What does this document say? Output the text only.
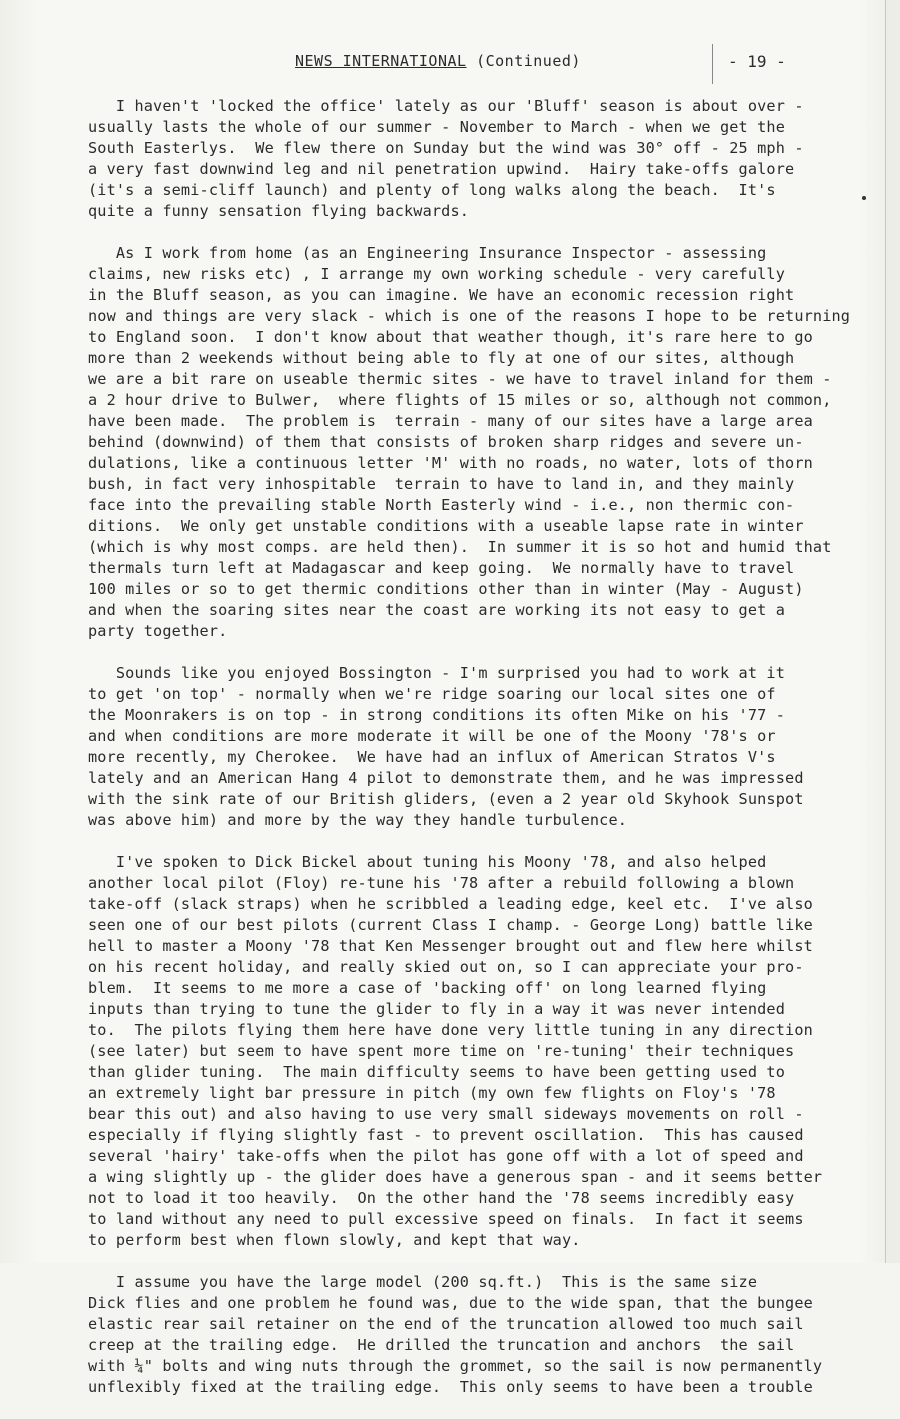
NEWS INTERNATIONAL (Continued)	- 19 -
I haven't 'locked the office' lately as our 'Bluff' season is about over -
usually lasts the whole of our summer - November to March - when we get the
South Easterlys.  We flew there on Sunday but the wind was 30° off - 25 mph -
a very fast downwind leg and nil penetration upwind.  Hairy take-offs galore
(it's a semi-cliff launch) and plenty of long walks along the beach.  It's
quite a funny sensation flying backwards.
As I work from home (as an Engineering Insurance Inspector - assessing
claims, new risks etc) , I arrange my own working schedule - very carefully
in the Bluff season, as you can imagine. We have an economic recession right
now and things are very slack - which is one of the reasons I hope to be returning
to England soon.  I don't know about that weather though, it's rare here to go
more than 2 weekends without being able to fly at one of our sites, although
we are a bit rare on useable thermic sites - we have to travel inland for them -
a 2 hour drive to Bulwer,  where flights of 15 miles or so, although not common,
have been made.  The problem is  terrain - many of our sites have a large area
behind (downwind) of them that consists of broken sharp ridges and severe un-
dulations, like a continuous letter 'M' with no roads, no water, lots of thorn
bush, in fact very inhospitable  terrain to have to land in, and they mainly
face into the prevailing stable North Easterly wind - i.e., non thermic con-
ditions.  We only get unstable conditions with a useable lapse rate in winter
(which is why most comps. are held then).  In summer it is so hot and humid that
thermals turn left at Madagascar and keep going.  We normally have to travel
100 miles or so to get thermic conditions other than in winter (May - August)
and when the soaring sites near the coast are working its not easy to get a
party together.
Sounds like you enjoyed Bossington - I'm surprised you had to work at it
to get 'on top' - normally when we're ridge soaring our local sites one of
the Moonrakers is on top - in strong conditions its often Mike on his '77 -
and when conditions are more moderate it will be one of the Moony '78's or
more recently, my Cherokee.  We have had an influx of American Stratos V's
lately and an American Hang 4 pilot to demonstrate them, and he was impressed
with the sink rate of our British gliders, (even a 2 year old Skyhook Sunspot
was above him) and more by the way they handle turbulence.
I've spoken to Dick Bickel about tuning his Moony '78, and also helped
another local pilot (Floy) re-tune his '78 after a rebuild following a blown
take-off (slack straps) when he scribbled a leading edge, keel etc.  I've also
seen one of our best pilots (current Class I champ. - George Long) battle like
hell to master a Moony '78 that Ken Messenger brought out and flew here whilst
on his recent holiday, and really skied out on, so I can appreciate your pro-
blem.  It seems to me more a case of 'backing off' on long learned flying
inputs than trying to tune the glider to fly in a way it was never intended
to.  The pilots flying them here have done very little tuning in any direction
(see later) but seem to have spent more time on 're-tuning' their techniques
than glider tuning.  The main difficulty seems to have been getting used to
an extremely light bar pressure in pitch (my own few flights on Floy's '78
bear this out) and also having to use very small sideways movements on roll -
especially if flying slightly fast - to prevent oscillation.  This has caused
several 'hairy' take-offs when the pilot has gone off with a lot of speed and
a wing slightly up - the glider does have a generous span - and it seems better
not to load it too heavily.  On the other hand the '78 seems incredibly easy
to land without any need to pull excessive speed on finals.  In fact it seems
to perform best when flown slowly, and kept that way.
I assume you have the large model (200 sq.ft.)  This is the same size
Dick flies and one problem he found was, due to the wide span, that the bungee
elastic rear sail retainer on the end of the truncation allowed too much sail
creep at the trailing edge.  He drilled the truncation and anchors  the sail
with ¼" bolts and wing nuts through the grommet, so the sail is now permanently
unflexibly fixed at the trailing edge.  This only seems to have been a trouble
